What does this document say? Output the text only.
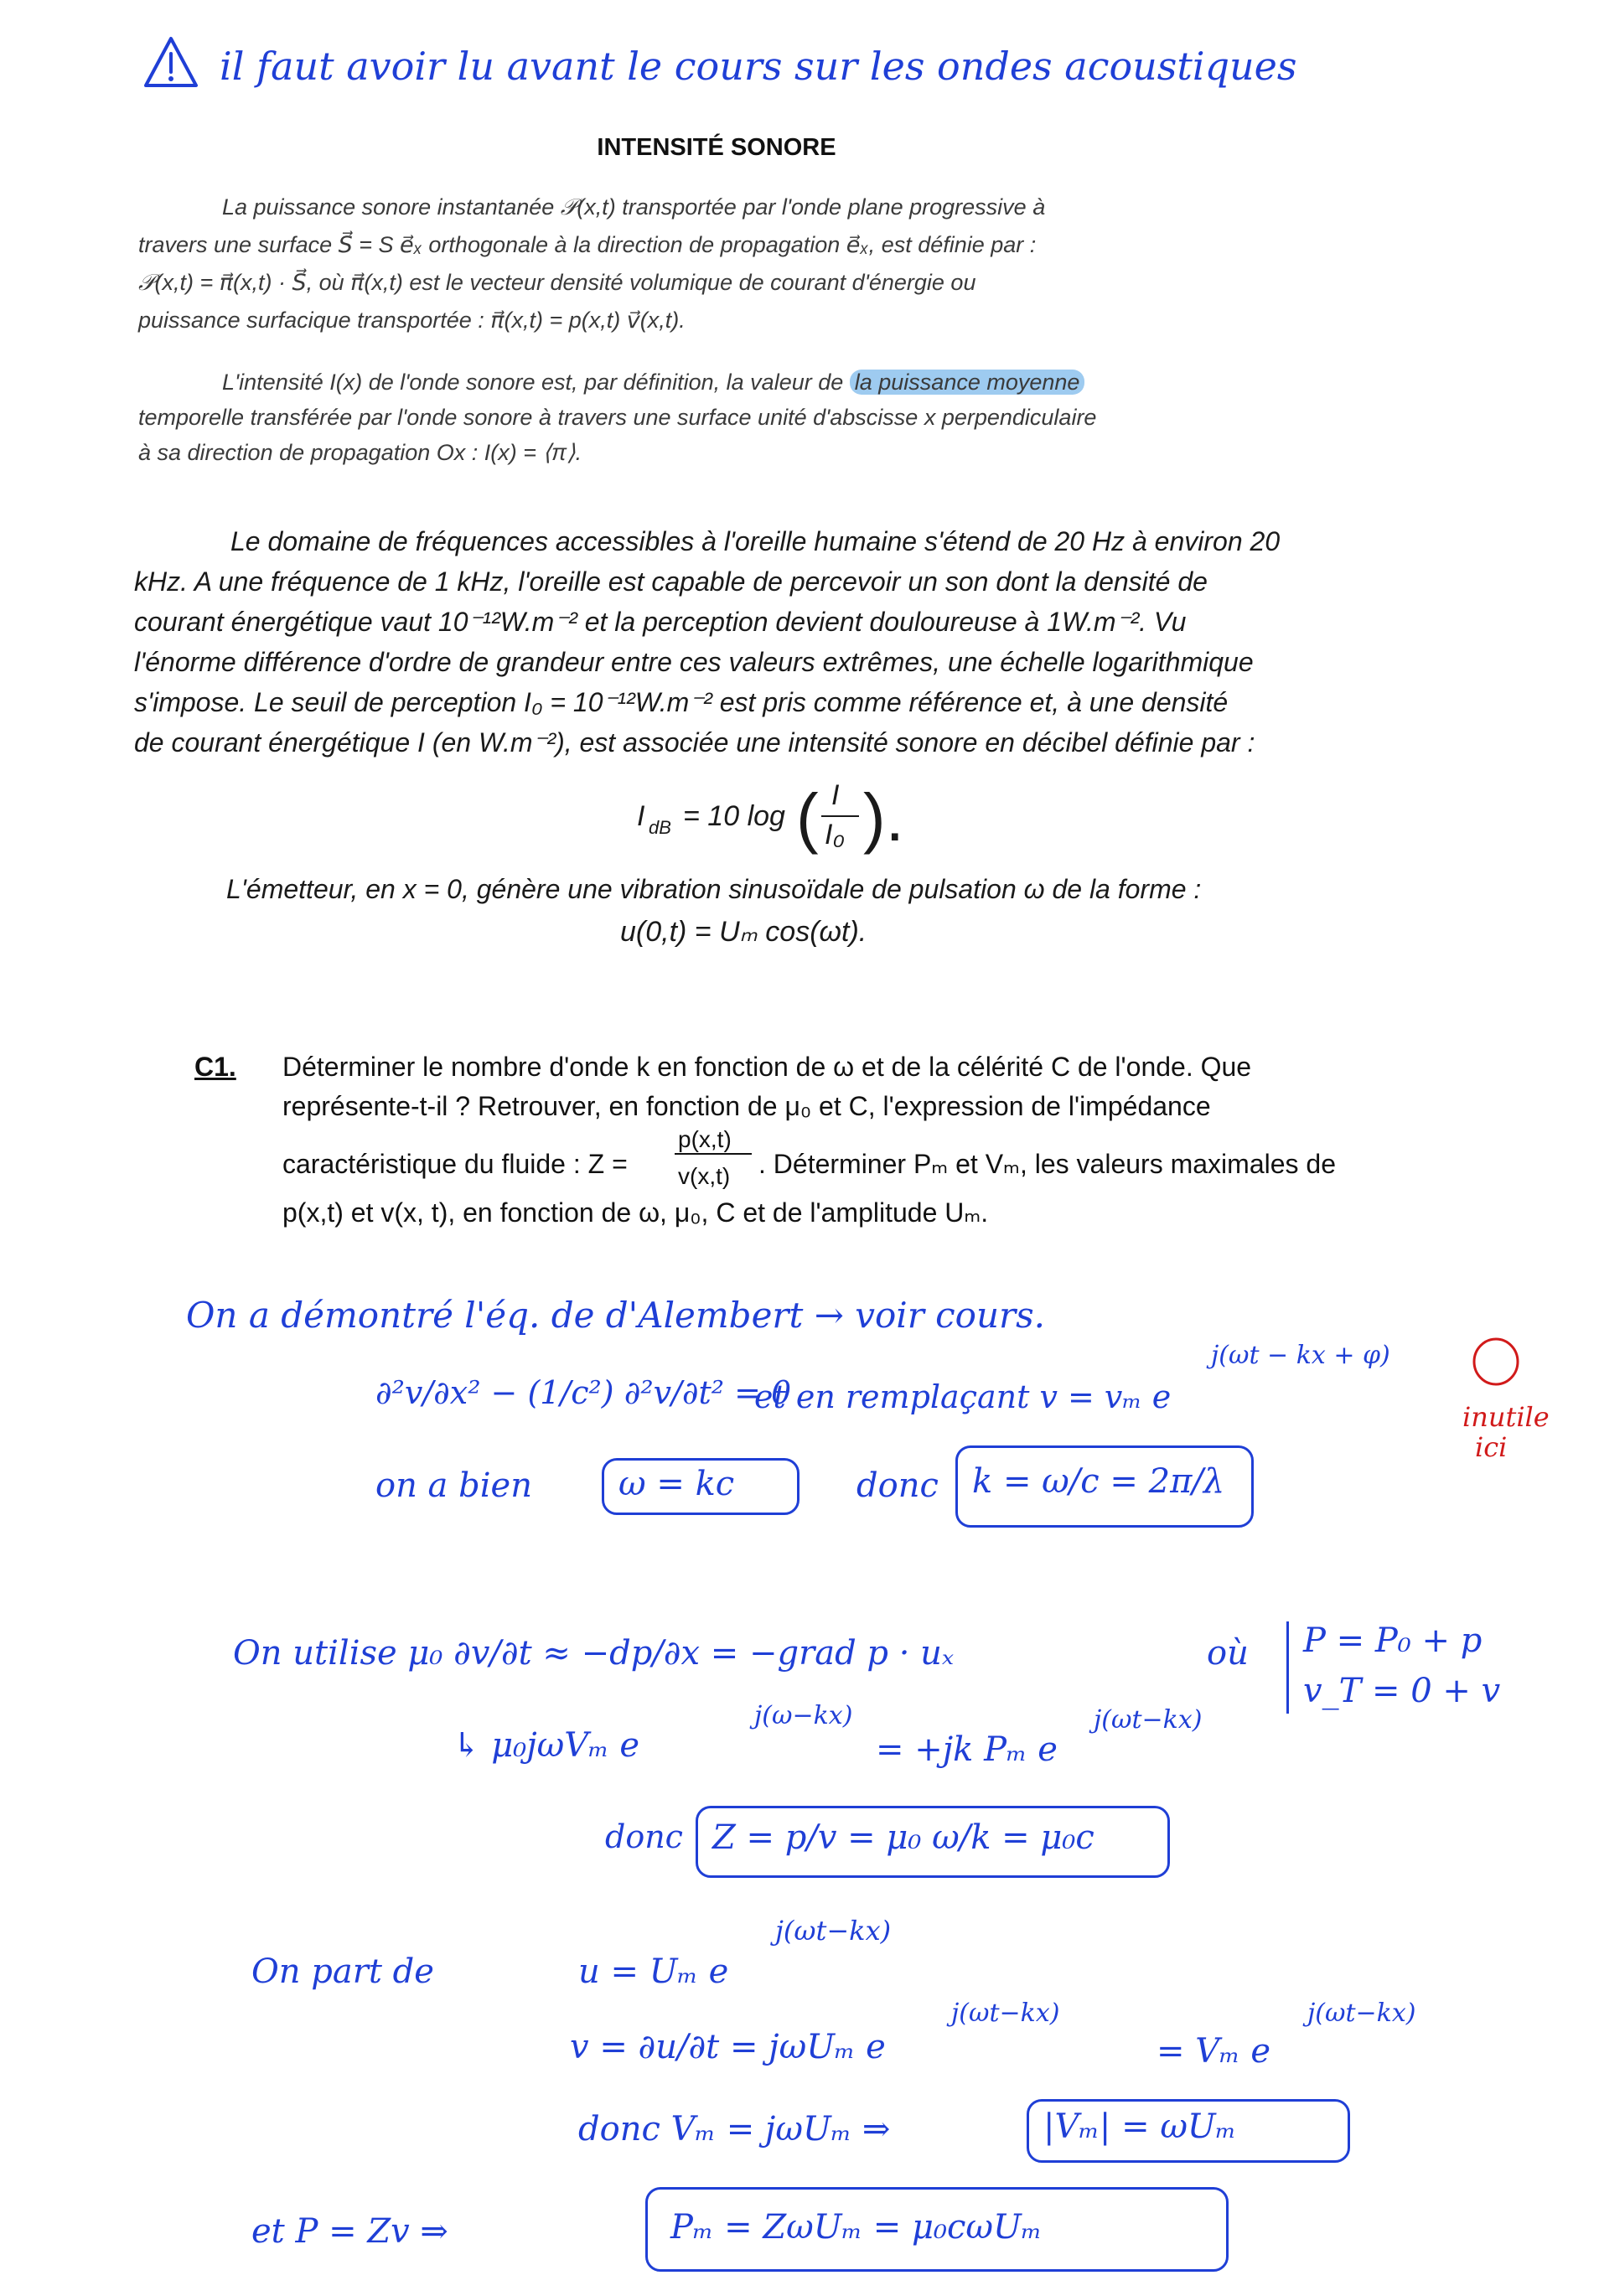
il faut avoir lu avant le cours sur les ondes acoustiques
INTENSITÉ SONORE
La puissance sonore instantanée 𝒫(x,t) transportée par l'onde plane progressive à
travers une surface S⃗ = S e⃗ₓ orthogonale à la direction de propagation e⃗ₓ, est définie par :
𝒫(x,t) = π⃗(x,t) · S⃗, où π⃗(x,t) est le vecteur densité volumique de courant d'énergie ou
puissance surfacique transportée : π⃗(x,t) = p(x,t) v⃗(x,t).
L'intensité I(x) de l'onde sonore est, par définition, la valeur de la puissance moyenne
temporelle transférée par l'onde sonore à travers une surface unité d'abscisse x perpendiculaire
à sa direction de propagation Ox : I(x) = ⟨π⟩.
Le domaine de fréquences accessibles à l'oreille humaine s'étend de 20 Hz à environ 20
kHz. A une fréquence de 1 kHz, l'oreille est capable de percevoir un son dont la densité de
courant énergétique vaut 10⁻¹²W.m⁻² et la perception devient douloureuse à 1W.m⁻². Vu
l'énorme différence d'ordre de grandeur entre ces valeurs extrêmes, une échelle logarithmique
s'impose. Le seuil de perception I₀ = 10⁻¹²W.m⁻² est pris comme référence et, à une densité
de courant énergétique I (en W.m⁻²), est associée une intensité sonore en décibel définie par :
I dB = 10 log ( I
I₀ ).
L'émetteur, en x = 0, génère une vibration sinusoïdale de pulsation ω de la forme :
u(0,t) = Uₘ cos(ωt).
C1. Déterminer le nombre d'onde k en fonction de ω et de la célérité C de l'onde. Que
représente-t-il ? Retrouver, en fonction de μ₀ et C, l'expression de l'impédance
caractéristique du fluide : Z =
p(x,t)
v(x,t) . Déterminer Pₘ et Vₘ, les valeurs maximales de
p(x,t) et v(x, t), en fonction de ω, μ₀, C et de l'amplitude Uₘ.
On a démontré l'éq. de d'Alembert → voir cours.
∂²v/∂x² − (1/c²) ∂²v/∂t² = 0
et en remplaçant v = vₘ e
j(ωt − kx + φ)
inutile
ici
on a bien	ω = kc	donc k = ω/c = 2π/λ
On utilise μ₀ ∂v/∂t ≈ −dp/∂x = −grad p · uₓ	où P = P₀ + p
v_T = 0 + v
↳ μ₀jωVₘ e
j(ω−kx)
= +jk Pₘ e
j(ωt−kx)
donc Z = p/v = μ₀ ω/k = μ₀c
On part de	u = Uₘ e
j(ωt−kx)
v = ∂u/∂t = jωUₘ e
j(ωt−kx)
= Vₘ e
j(ωt−kx)
donc Vₘ = jωUₘ ⇒	|Vₘ| = ωUₘ
et P = Zv ⇒	Pₘ = ZωUₘ = μ₀cωUₘ
